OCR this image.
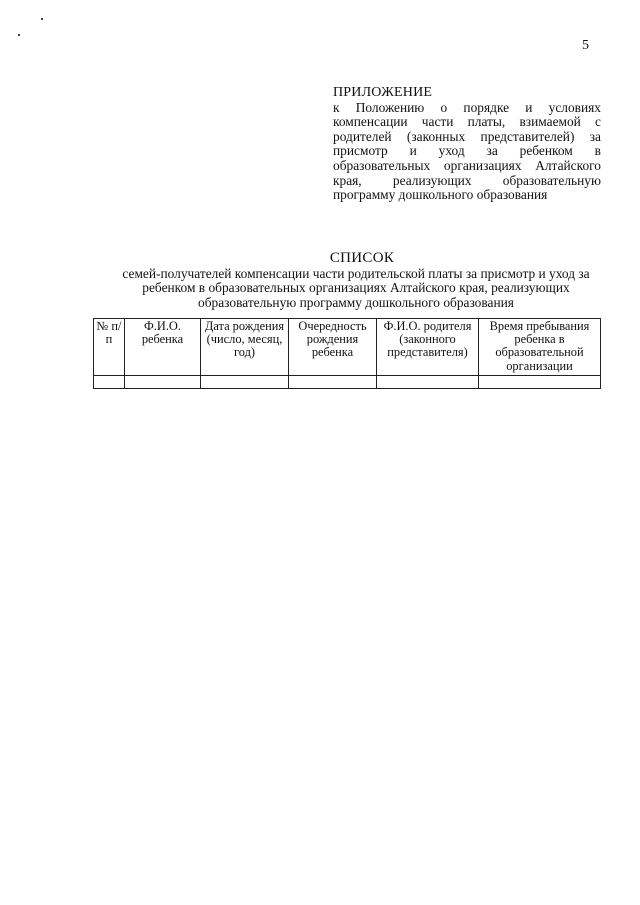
5
ПРИЛОЖЕНИЕ
к Положению о порядке и условиях компенсации части платы, взимаемой с родителей (законных представителей) за присмотр и уход за ребенком в образовательных организациях Алтайского края, реализующих образовательную программу дошкольного образования
СПИСОК
семей-получателей компенсации части родительской платы за присмотр и уход за ребенком в образовательных организациях Алтайского края, реализующих образовательную программу дошкольного образования
№ п/п	Ф.И.О. ребенка	Дата рождения (число, месяц, год)	Очередность рождения ребенка	Ф.И.О. родителя (законного представителя)	Время пребывания ребенка в образовательной организации
